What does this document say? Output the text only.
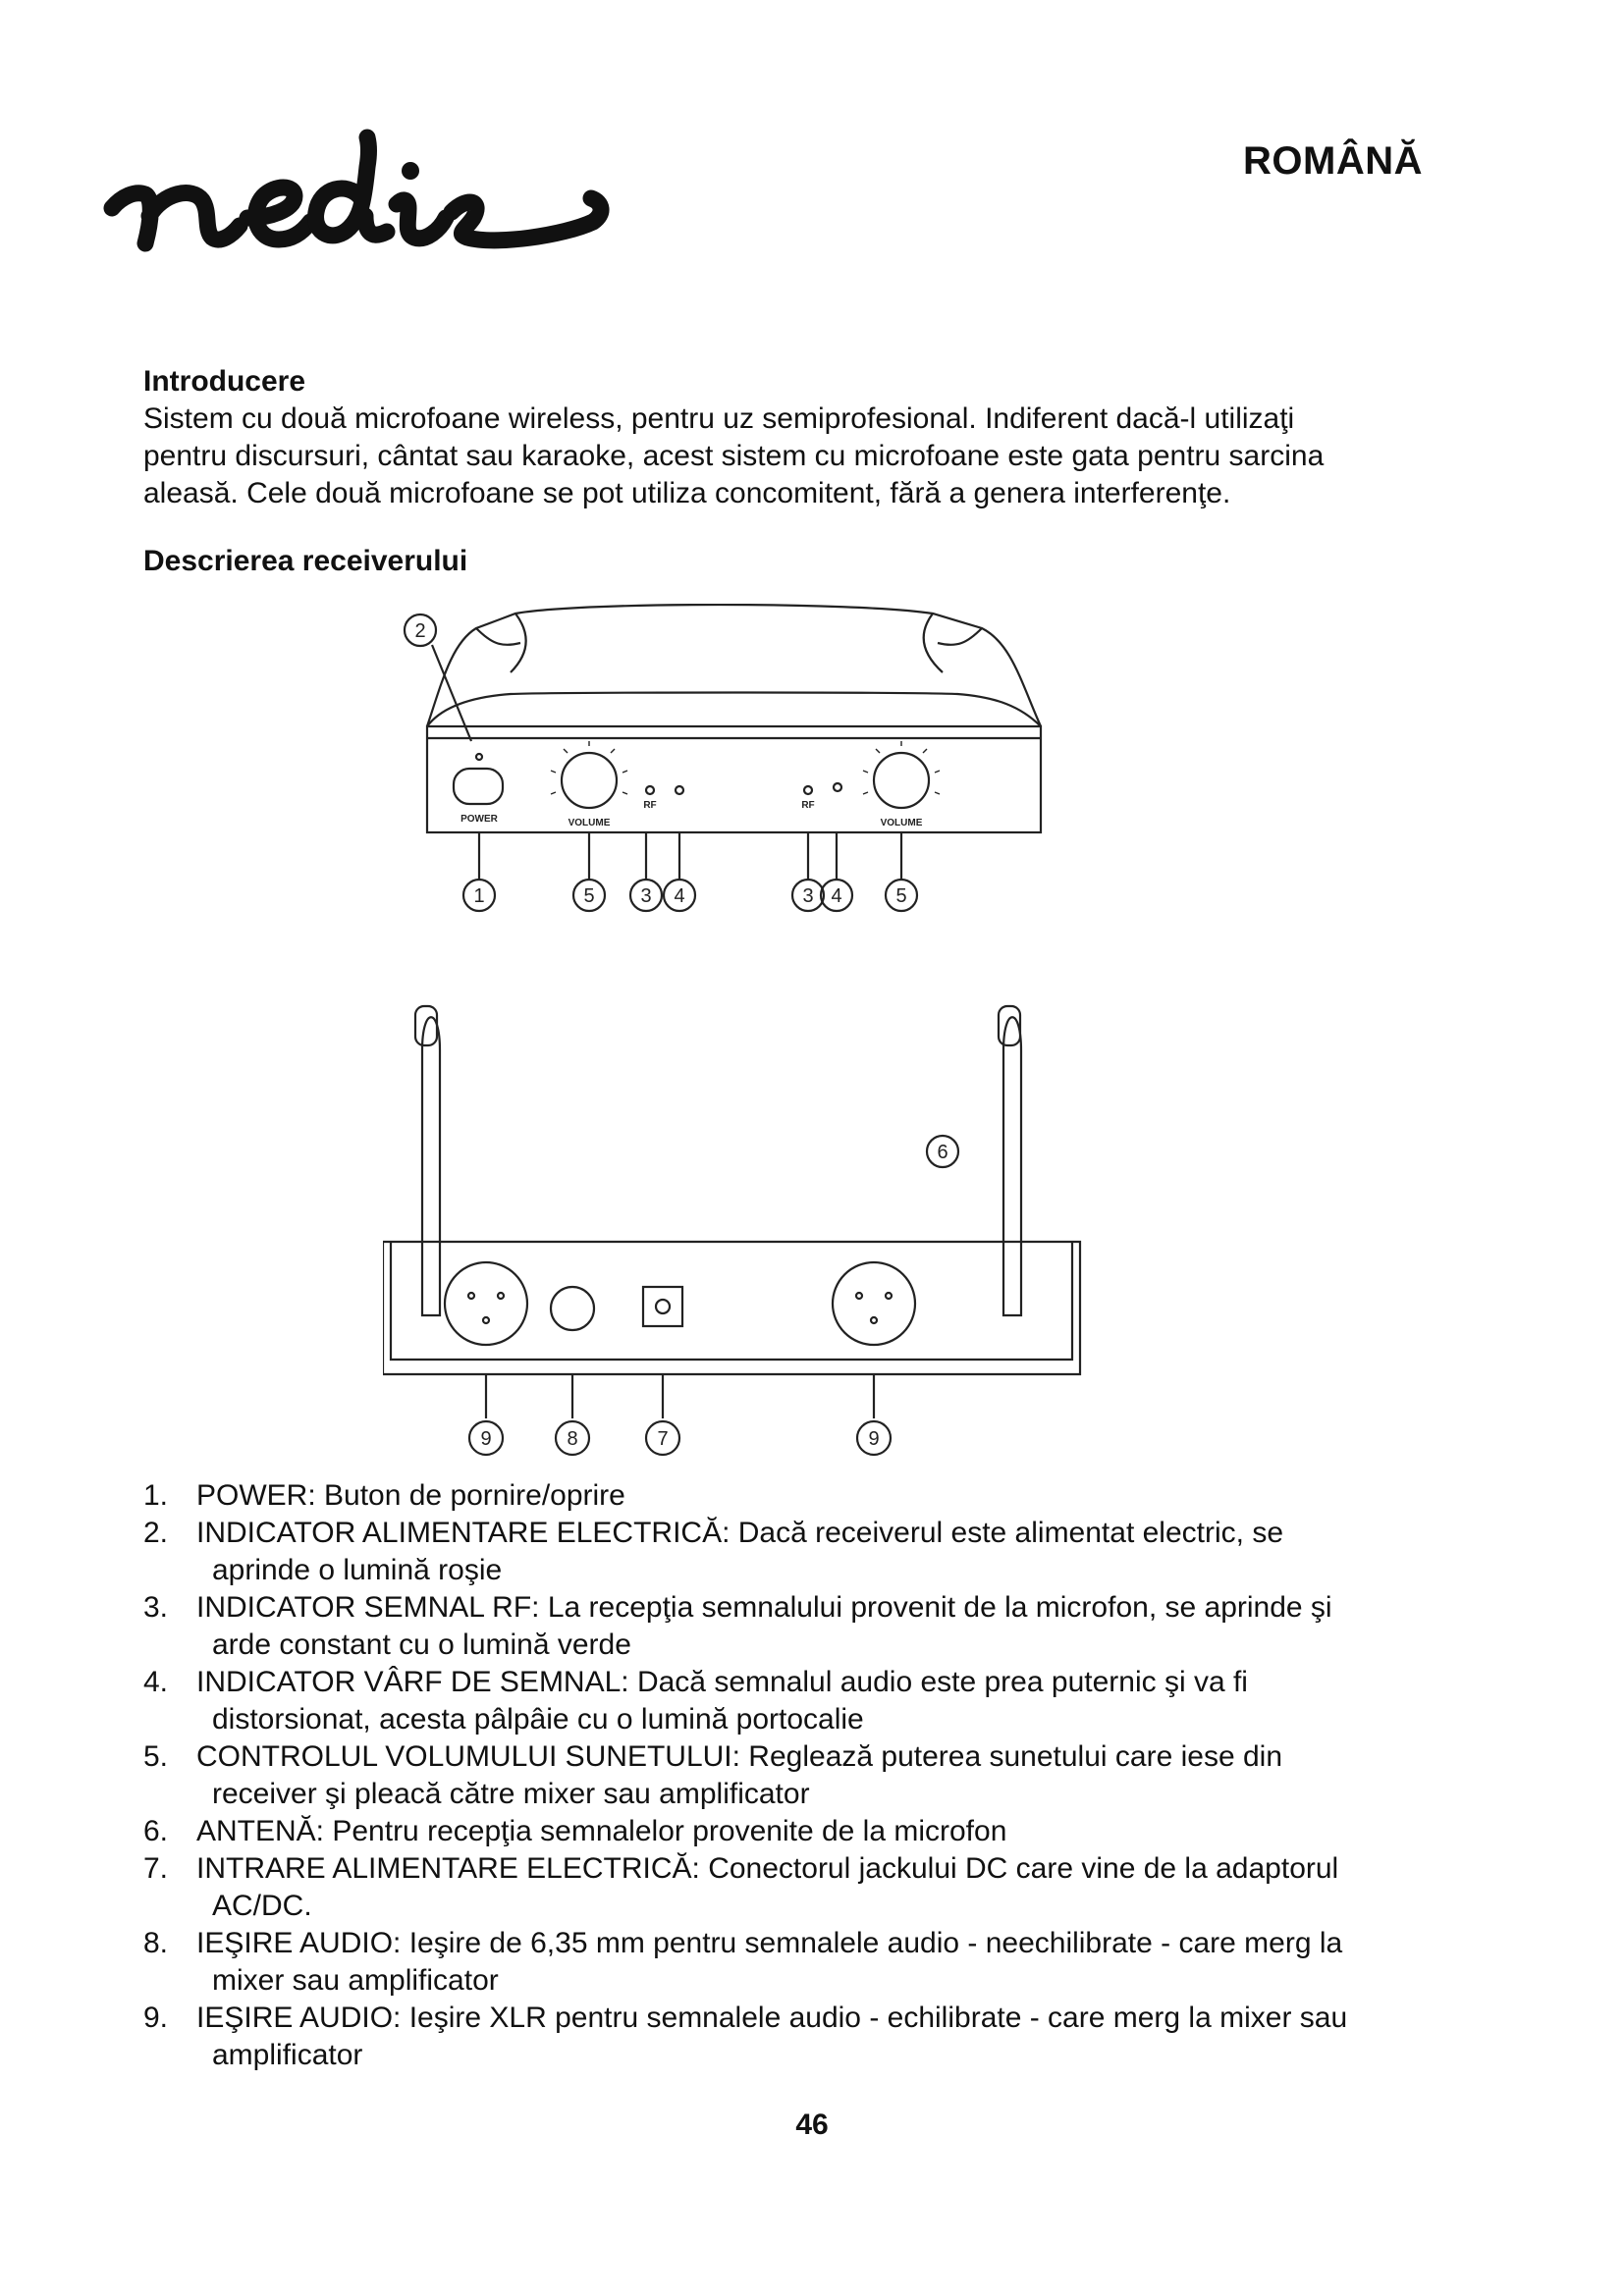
nedis
ROMÂNĂ
Introducere
Sistem cu două microfoane wireless, pentru uz semiprofesional. Indiferent dacă-l utilizaţi pentru discursuri, cântat sau karaoke, acest sistem cu microfoane este gata pentru sarcina aleasă. Cele două microfoane se pot utiliza concomitent, fără a genera interferenţe.
Descrierea receiverului
POWER	VOLUME
RF	RF
VOLUME
1	5 3 4	3 4	5
2
6
9	8	7	9
1. POWER: Buton de pornire/oprire
2. INDICATOR ALIMENTARE ELECTRICĂ: Dacă receiverul este alimentat electric, se aprinde o lumină roşie
3. INDICATOR SEMNAL RF: La recepţia semnalului provenit de la microfon, se aprinde şi arde constant cu o lumină verde
4. INDICATOR VÂRF DE SEMNAL: Dacă semnalul audio este prea puternic şi va fi distorsionat, acesta pâlpâie cu o lumină portocalie
5. CONTROLUL VOLUMULUI SUNETULUI: Reglează puterea sunetului care iese din receiver şi pleacă către mixer sau amplificator
6. ANTENĂ: Pentru recepţia semnalelor provenite de la microfon
7. INTRARE ALIMENTARE ELECTRICĂ: Conectorul jackului DC care vine de la adaptorul AC/DC.
8. IEŞIRE AUDIO: Ieşire de 6,35 mm pentru semnalele audio - neechilibrate - care merg la mixer sau amplificator
9. IEŞIRE AUDIO: Ieşire XLR pentru semnalele audio - echilibrate - care merg la mixer sau amplificator
46
